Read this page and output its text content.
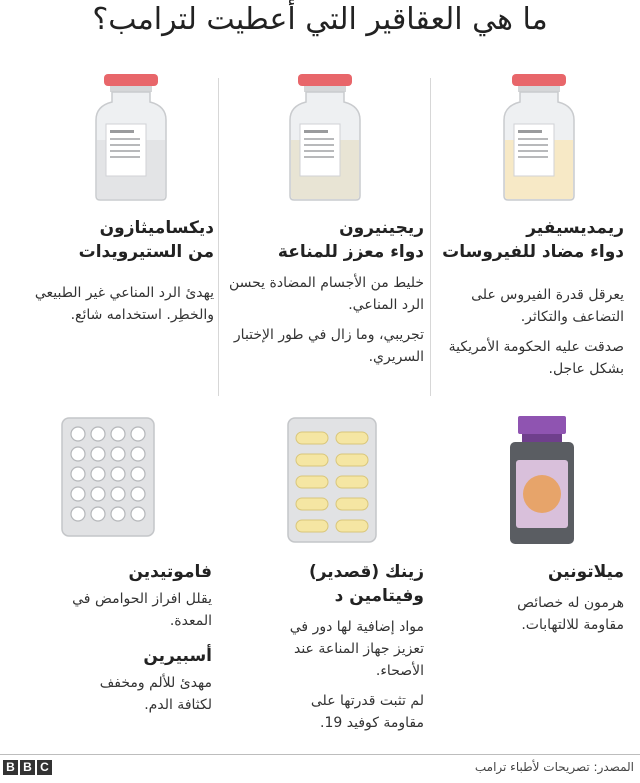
ما هي العقاقير التي أعطيت لترامب؟

ريمديسيفير

دواء مضاد للفيروسات

يعرقل قدرة الفيروس على التضاعف والتكاثر.

صدقت عليه الحكومة الأمريكية بشكل عاجل.

ريجينيرون

دواء معزز للمناعة

خليط من الأجسام المضادة يحسن الرد المناعي.

تجريبي، وما زال في طور الإختبار السريري.

ديكساميثازون

من الستيرويدات

يهدئ الرد المناعي غير الطبيعي والخطِر. استخدامه شائع.

ميلاتونين

هرمون له خصائص مقاومة للالتهابات.

زينك (قصدير)

وفيتامين د

مواد إضافية لها دور في تعزيز جهاز المناعة عند الأصحاء.

لم تثبت قدرتها على مقاومة كوفيد 19.

فاموتيدين

يقلل افراز الحوامض في المعدة.

أسبيرين

مهدئ للألم ومخفف لكثافة الدم.

B B C	المصدر: تصريحات لأطباء ترامب
